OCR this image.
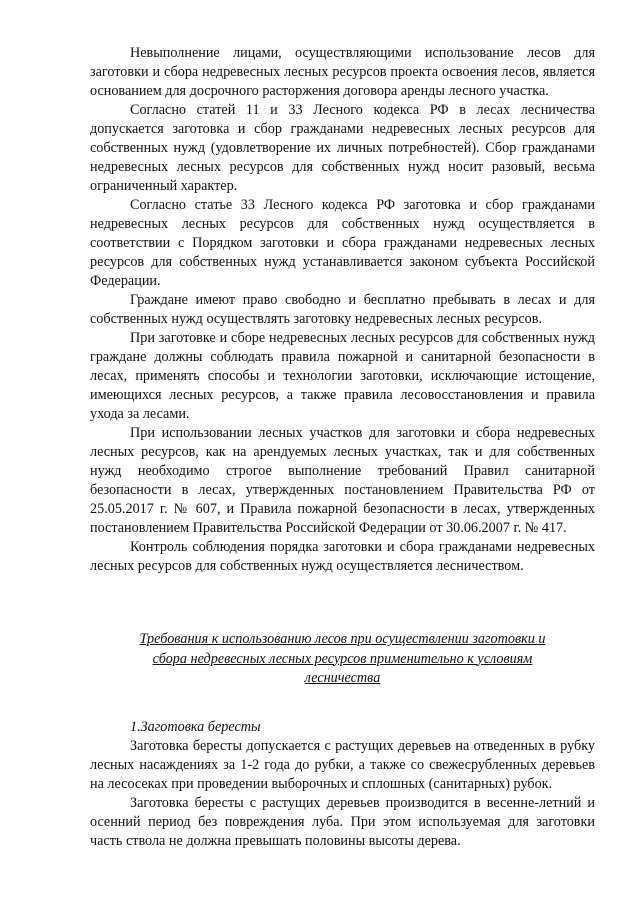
Невыполнение лицами, осуществляющими использование лесов для заготовки и сбора недревесных лесных ресурсов проекта освоения лесов, является основанием для досрочного расторжения договора аренды лесного участка.

Согласно статей 11 и 33 Лесного кодекса РФ в лесах лесничества допускается заготовка и сбор гражданами недревесных лесных ресурсов для собственных нужд (удовлетворение их личных потребностей). Сбор гражданами недревесных лесных ресурсов для собственных нужд носит разовый, весьма ограниченный характер.

Согласно статье 33 Лесного кодекса РФ заготовка и сбор гражданами недревесных лесных ресурсов для собственных нужд осуществляется в соответствии с Порядком заготовки и сбора гражданами недревесных лесных ресурсов для собственных нужд устанавливается законом субъекта Российской Федерации.

Граждане имеют право свободно и бесплатно пребывать в лесах и для собственных нужд осуществлять заготовку недревесных лесных ресурсов.

При заготовке и сборе недревесных лесных ресурсов для собственных нужд граждане должны соблюдать правила пожарной и санитарной безопасности в лесах, применять способы и технологии заготовки, исключающие истощение, имеющихся лесных ресурсов, а также правила лесовосстановления и правила ухода за лесами.

При использовании лесных участков для заготовки и сбора недревесных лесных ресурсов, как на арендуемых лесных участках, так и для собственных нужд необходимо строгое выполнение требований Правил санитарной безопасности в лесах, утвержденных постановлением Правительства РФ от 25.05.2017 г. № 607, и Правила пожарной безопасности в лесах, утвержденных постановлением Правительства Российской Федерации от 30.06.2007 г. № 417.

Контроль соблюдения порядка заготовки и сбора гражданами недревесных лесных ресурсов для собственных нужд осуществляется лесничеством.

Требования к использованию лесов при осуществлении заготовки и сбора недревесных лесных ресурсов применительно к условиям лесничества

1.Заготовка бересты

Заготовка бересты допускается с растущих деревьев на отведенных в рубку лесных насаждениях за 1-2 года до рубки, а также со свежесрубленных деревьев на лесосеках при проведении выборочных и сплошных (санитарных) рубок.

Заготовка бересты с растущих деревьев производится в весенне-летний и осенний период без повреждения луба. При этом используемая для заготовки часть ствола не должна превышать половины высоты дерева.
